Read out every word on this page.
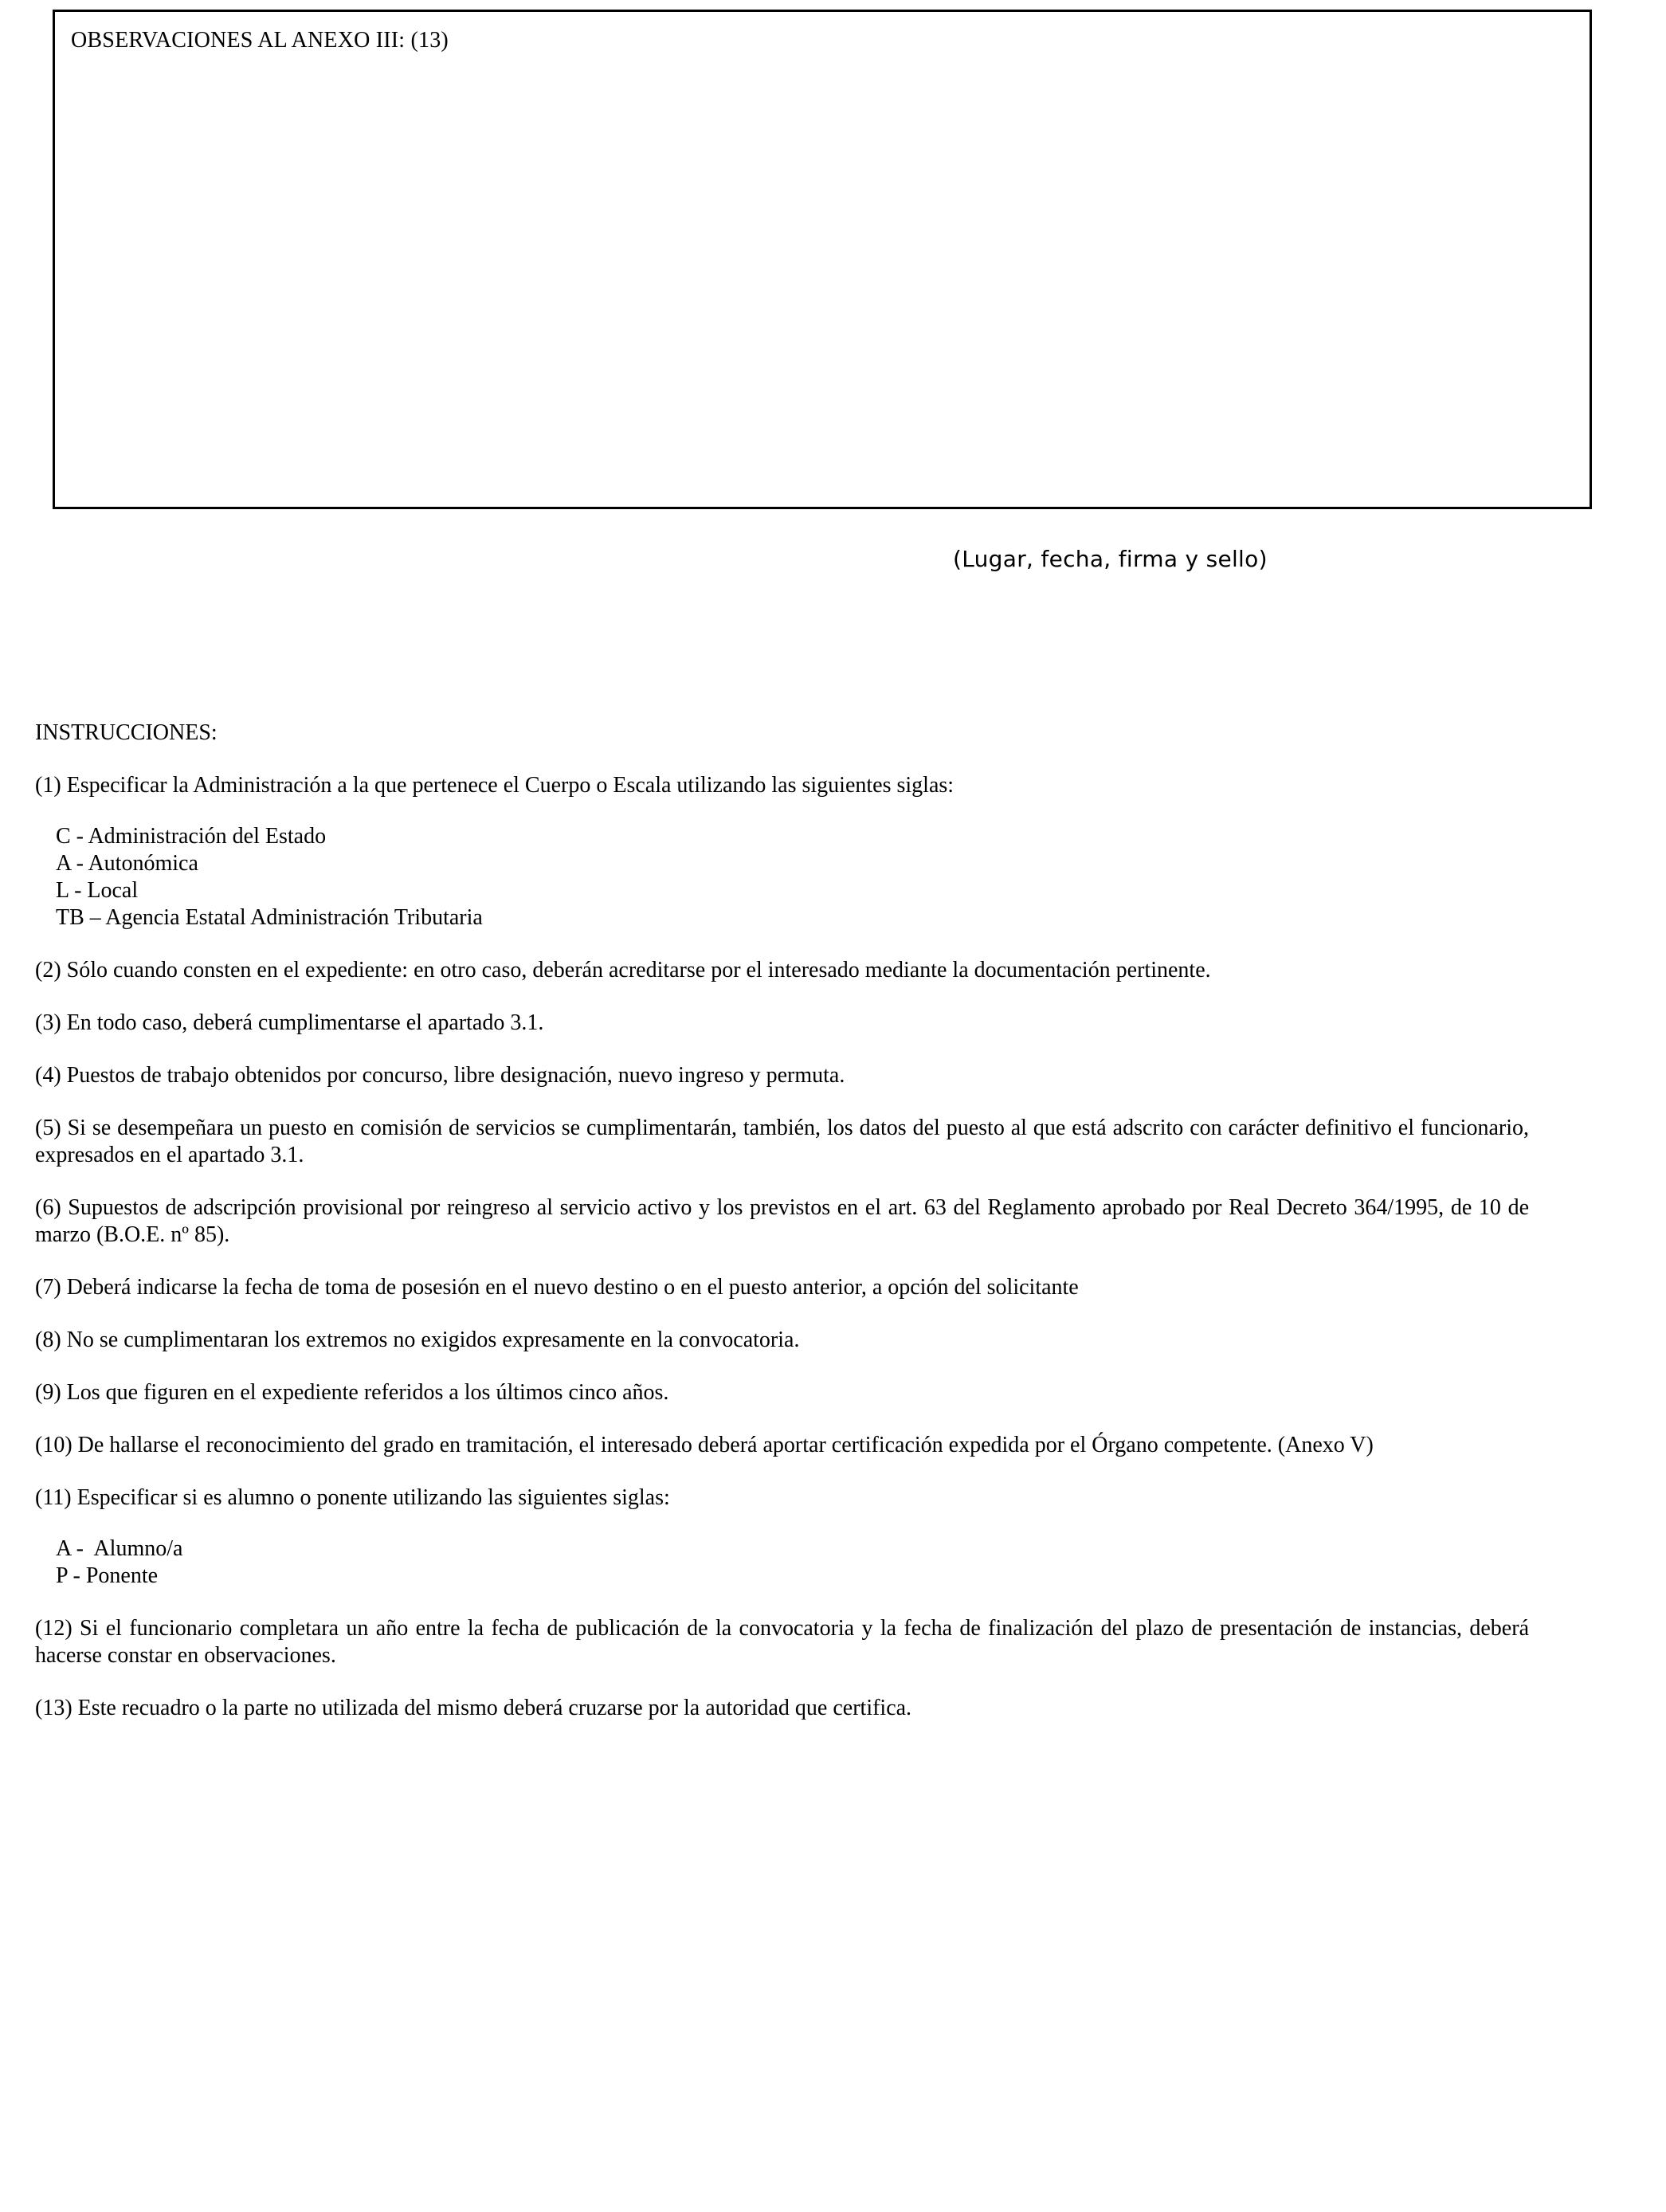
OBSERVACIONES AL ANEXO III: (13)
(Lugar, fecha, firma y sello)

INSTRUCCIONES:

(1) Especificar la Administración a la que pertenece el Cuerpo o Escala utilizando las siguientes siglas:

C - Administración del Estado
A - Autonómica
L - Local
TB – Agencia Estatal Administración Tributaria

(2) Sólo cuando consten en el expediente: en otro caso, deberán acreditarse por el interesado mediante la documentación pertinente.

(3) En todo caso, deberá cumplimentarse el apartado 3.1.

(4) Puestos de trabajo obtenidos por concurso, libre designación, nuevo ingreso y permuta.

(5) Si se desempeñara un puesto en comisión de servicios se cumplimentarán, también, los datos del puesto al que está adscrito con carácter definitivo el funcionario, expresados en el apartado 3.1.

(6) Supuestos de adscripción provisional por reingreso al servicio activo y los previstos en el art. 63 del Reglamento aprobado por Real Decreto 364/1995, de 10 de marzo (B.O.E. nº 85).

(7) Deberá indicarse la fecha de toma de posesión en el nuevo destino o en el puesto anterior, a opción del solicitante

(8) No se cumplimentaran los extremos no exigidos expresamente en la convocatoria.

(9) Los que figuren en el expediente referidos a los últimos cinco años.

(10) De hallarse el reconocimiento del grado en tramitación, el interesado deberá aportar certificación expedida por el Órgano competente. (Anexo V)

(11) Especificar si es alumno o ponente utilizando las siguientes siglas:

A -  Alumno/a
P - Ponente

(12) Si el funcionario completara un año entre la fecha de publicación de la convocatoria y la fecha de finalización del plazo de presentación de instancias, deberá hacerse constar en observaciones.

(13) Este recuadro o la parte no utilizada del mismo deberá cruzarse por la autoridad que certifica.
